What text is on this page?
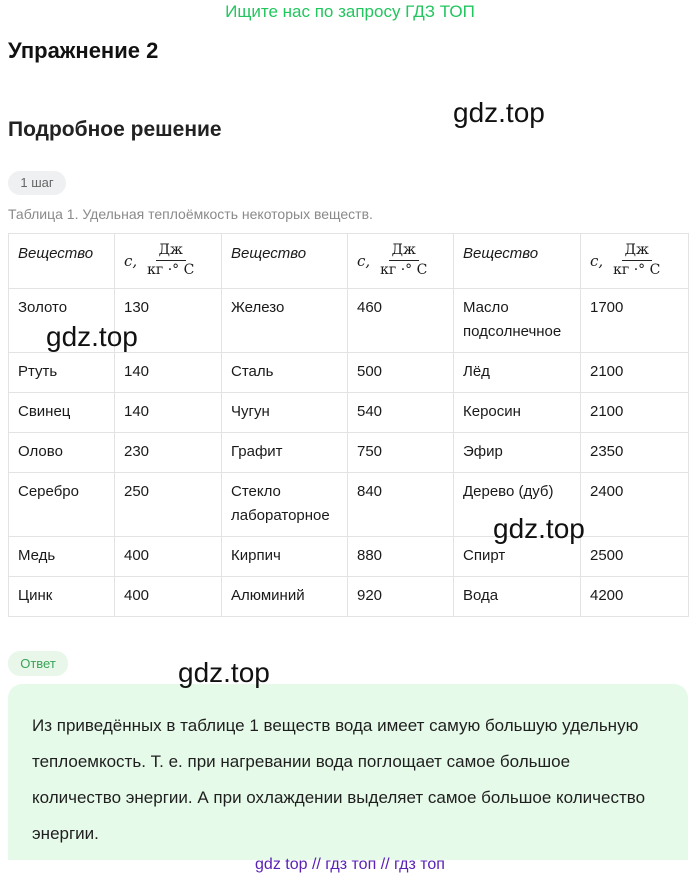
Ищите нас по запросу ГДЗ ТОП
Упражнение 2
gdz.top
Подробное решение
1 шаг
Таблица 1. Удельная теплоёмкость некоторых веществ.
Вещество	c, $\frac{Дж}{кг \cdot^\circ C}$	Вещество	c, $\frac{Дж}{кг \cdot^\circ C}$	Вещество	c, $\frac{Дж}{кг \cdot^\circ C}$

Золото	130	Железо	460	Масло подсолнечное	1700
Ртуть	140	Сталь	500	Лёд	2100
Свинец	140	Чугун	540	Керосин	2100
Олово	230	Графит	750	Эфир	2350
Серебро	250	Стекло лабораторное	840	Дерево (дуб)	2400
Медь	400	Кирпич	880	Спирт	2500
Цинк	400	Алюминий	920	Вода	4200
gdz.top
gdz.top
Ответ	gdz.top
Из приведённых в таблице 1 веществ вода имеет самую большую удельную теплоемкость. Т. е. при нагревании вода поглощает самое большое количество энергии. А при охлаждении выделяет самое большое количество энергии.
gdz top // гдз топ // гдз топ
